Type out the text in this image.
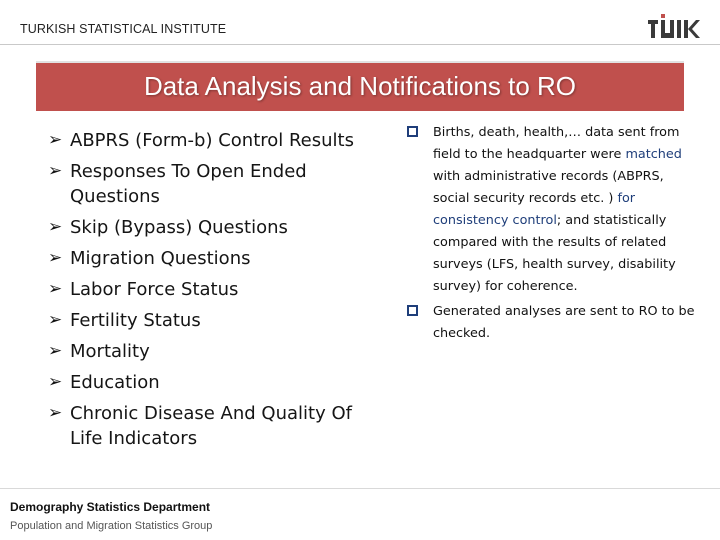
TURKISH STATISTICAL INSTITUTE
Data Analysis and Notifications to RO
➢ ABPRS (Form-b) Control Results
➢ Responses To Open Ended Questions
➢ Skip (Bypass) Questions
➢ Migration Questions
➢ Labor Force Status
➢ Fertility Status
➢ Mortality
➢ Education
➢ Chronic Disease And Quality Of Life Indicators
Births, death, health,… data sent from field to the headquarter were matched with administrative records (ABPRS, social security records etc. ) for consistency control; and statistically compared with the results of related surveys (LFS, health survey, disability survey) for coherence.
Generated analyses are sent to RO to be checked.
Demography Statistics Department
Population and Migration Statistics Group
